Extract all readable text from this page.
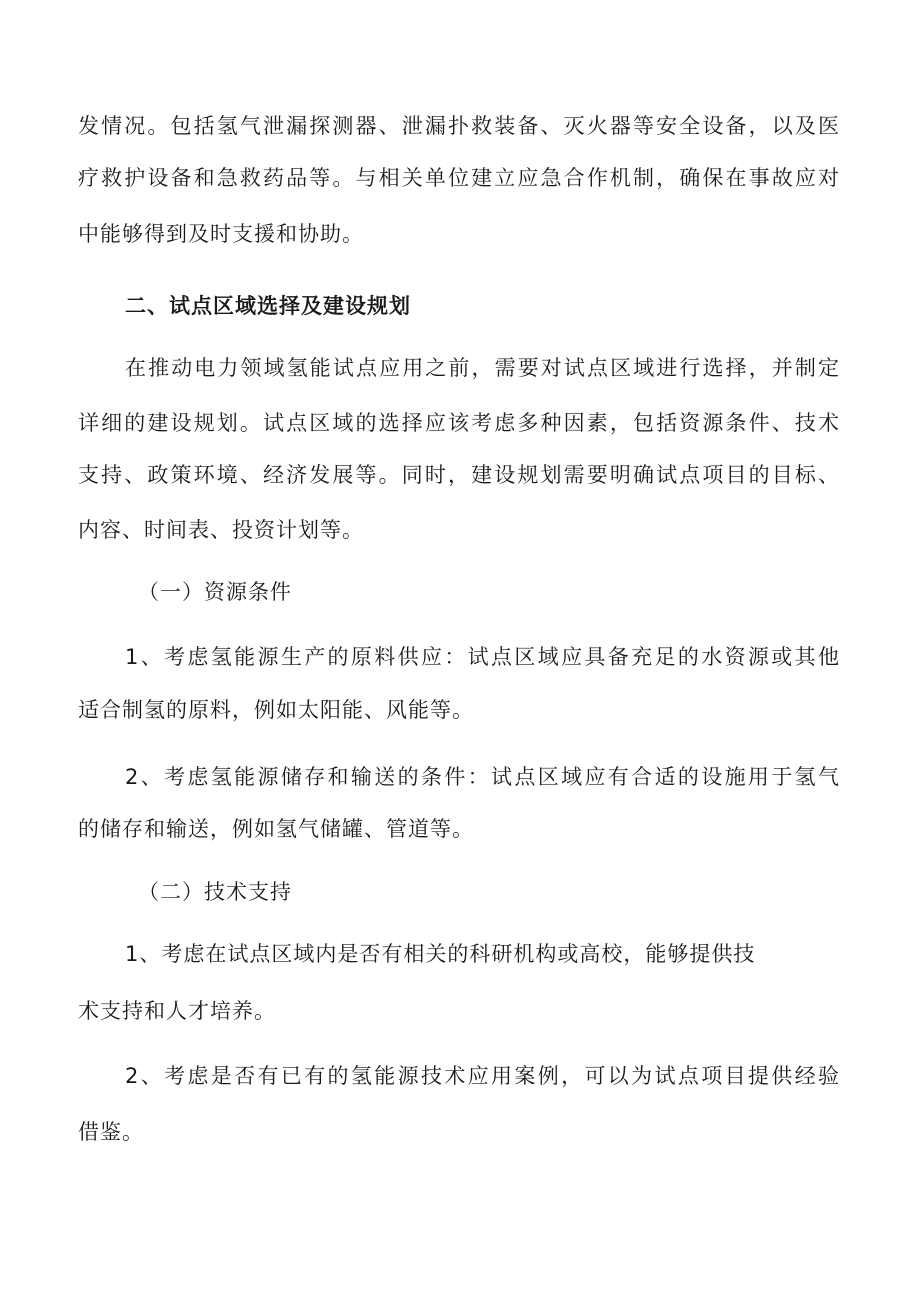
发情况。包括氢气泄漏探测器、泄漏扑救装备、灭火器等安全设备，以及医
疗救护设备和急救药品等。与相关单位建立应急合作机制，确保在事故应对
中能够得到及时支援和协助。
二、试点区域选择及建设规划
在推动电力领域氢能试点应用之前，需要对试点区域进行选择，并制定
详细的建设规划。试点区域的选择应该考虑多种因素，包括资源条件、技术
支持、政策环境、经济发展等。同时，建设规划需要明确试点项目的目标、
内容、时间表、投资计划等。
（一）资源条件
1、考虑氢能源生产的原料供应：试点区域应具备充足的水资源或其他
适合制氢的原料，例如太阳能、风能等。
2、考虑氢能源储存和输送的条件：试点区域应有合适的设施用于氢气
的储存和输送，例如氢气储罐、管道等。
（二）技术支持
1、考虑在试点区域内是否有相关的科研机构或高校，能够提供技
术支持和人才培养。
2、考虑是否有已有的氢能源技术应用案例，可以为试点项目提供经验
借鉴。
